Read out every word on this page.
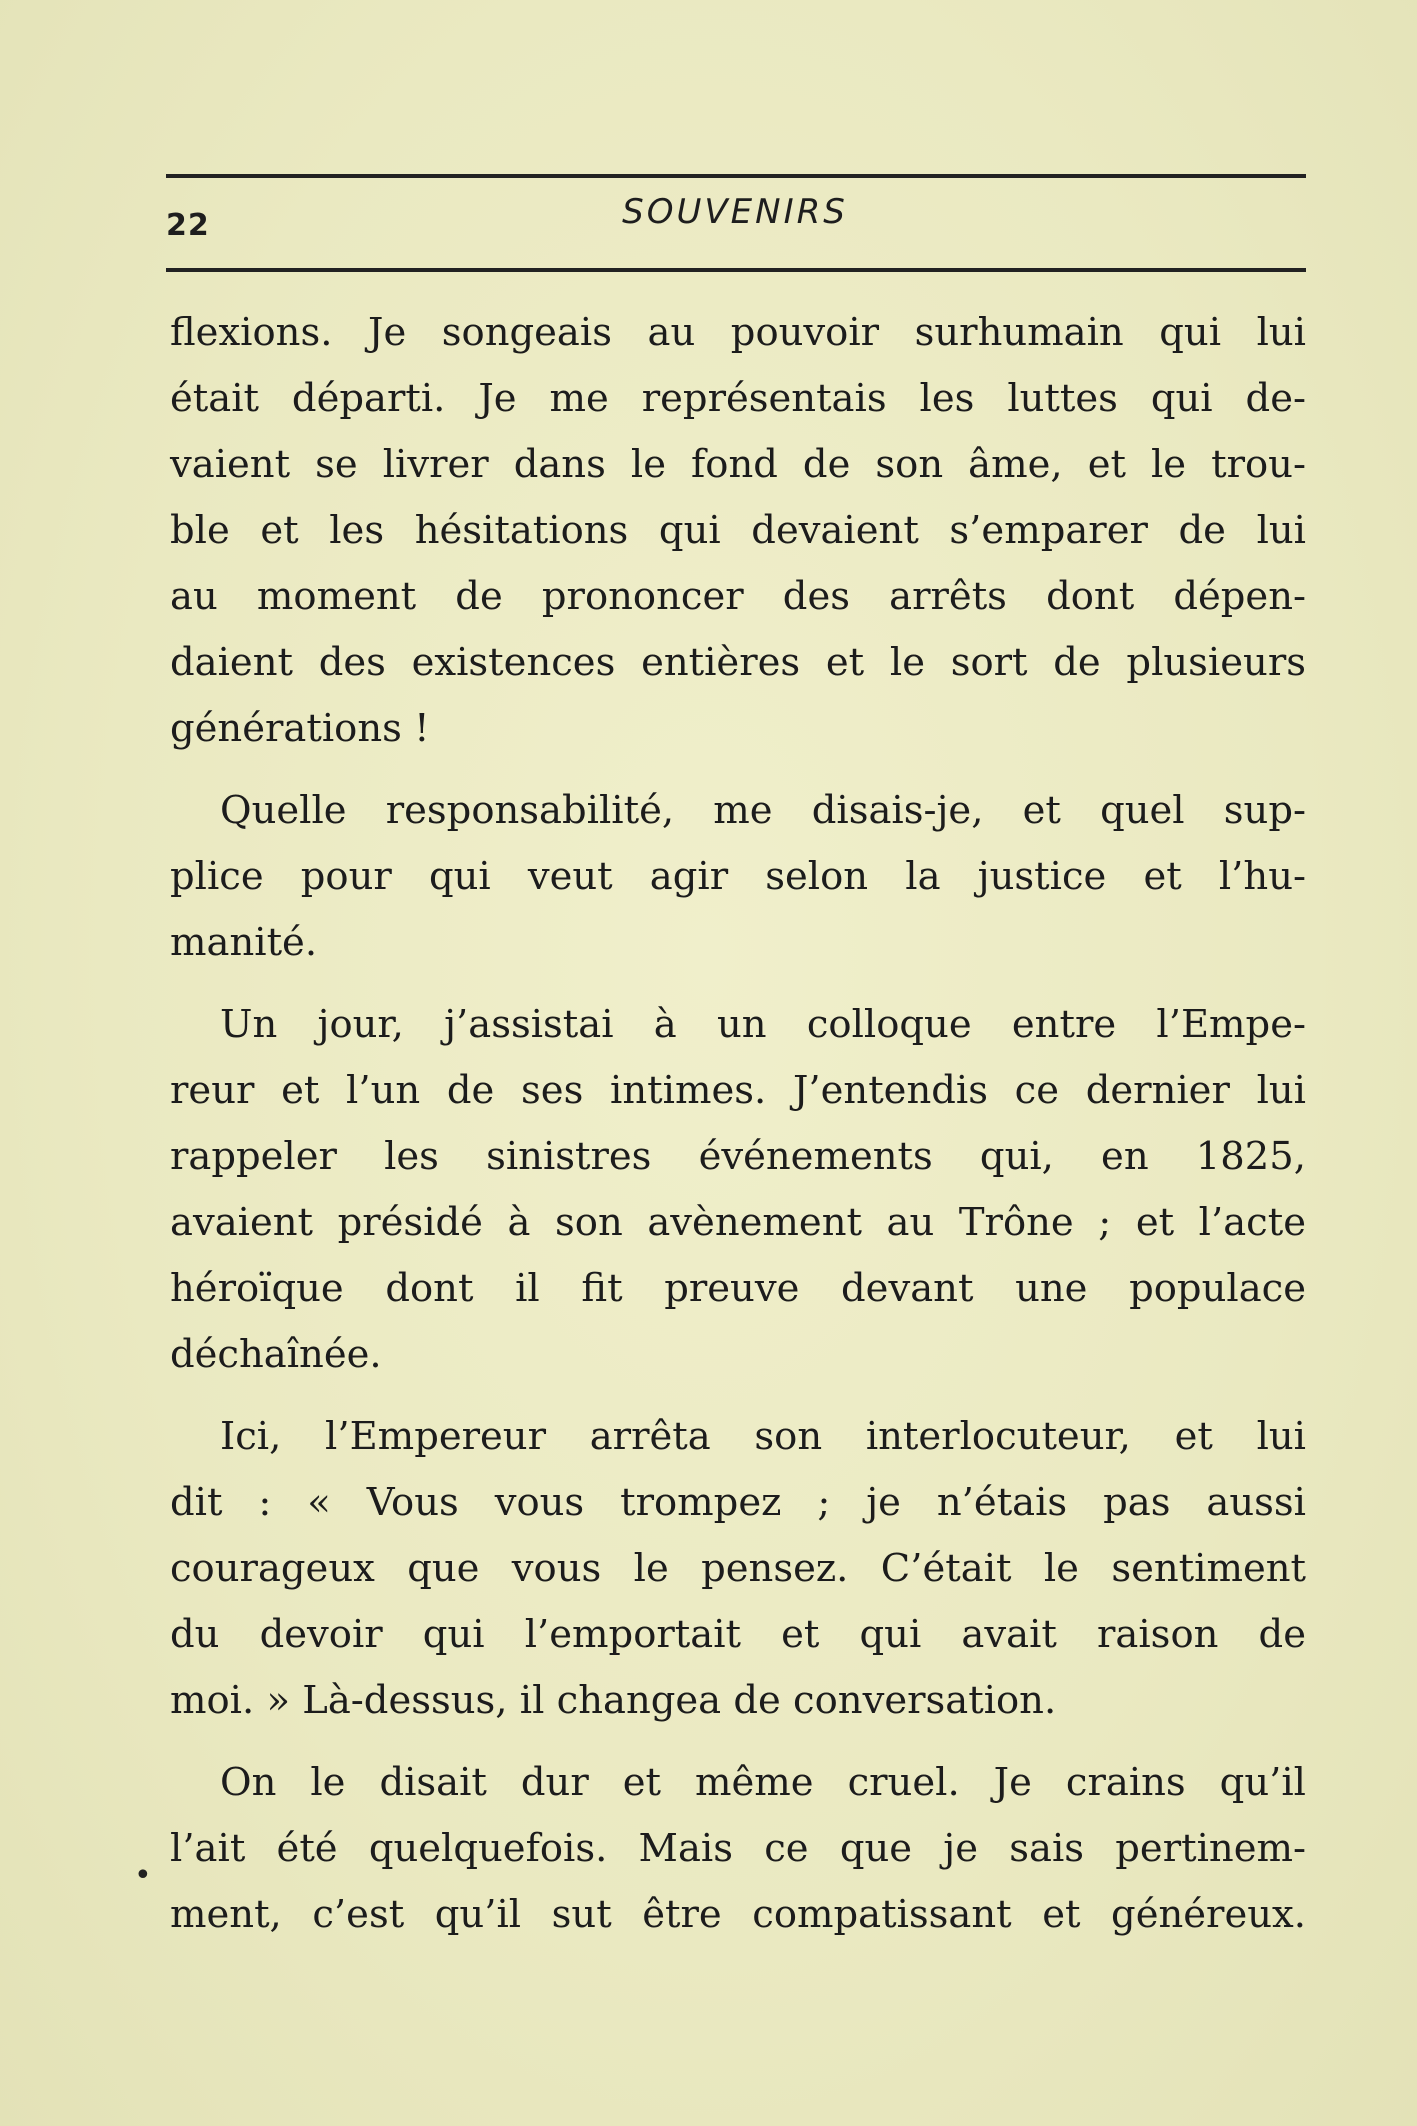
22	SOUVENIRS
•
flexions. Je songeais au pouvoir surhumain qui lui
était départi. Je me représentais les luttes qui de-
vaient se livrer dans le fond de son âme, et le trou-
ble et les hésitations qui devaient s’emparer de lui
au moment de prononcer des arrêts dont dépen-
daient des existences entières et le sort de plusieurs
générations !
Quelle responsabilité, me disais-je, et quel sup-
plice pour qui veut agir selon la justice et l’hu-
manité.
Un jour, j’assistai à un colloque entre l’Empe-
reur et l’un de ses intimes. J’entendis ce dernier lui
rappeler les sinistres événements qui, en 1825,
avaient présidé à son avènement au Trône ; et l’acte
héroïque dont il fit preuve devant une populace
déchaînée.
Ici, l’Empereur arrêta son interlocuteur, et lui
dit : « Vous vous trompez ; je n’étais pas aussi
courageux que vous le pensez. C’était le sentiment
du devoir qui l’emportait et qui avait raison de
moi. » Là-dessus, il changea de conversation.
On le disait dur et même cruel. Je crains qu’il
l’ait été quelquefois. Mais ce que je sais pertinem-
ment, c’est qu’il sut être compatissant et généreux.
